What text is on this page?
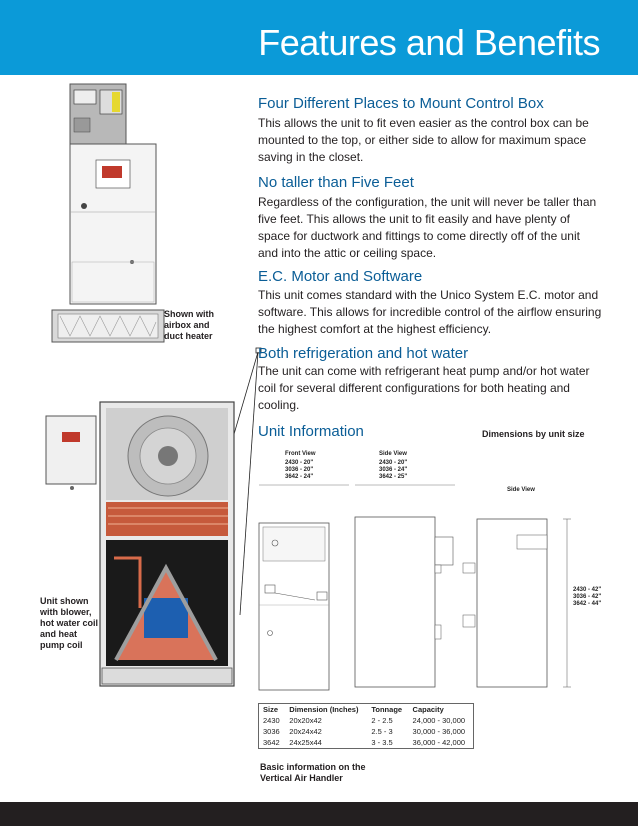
Features and Benefits
Shown with airbox and duct heater
Unit shown with blower, hot water coil and heat pump coil
Four Different Places to Mount Control Box
This allows the unit to fit even easier as the control box can be mounted to the top, or either side to allow for maximum space saving in the closet.
No taller than Five Feet
Regardless of the configuration, the unit will never be taller than five feet. This allows the unit to fit easily and have plenty of space for ductwork and fittings to come directly off of the unit and into the attic or ceiling space.
E.C. Motor and Software
This unit comes standard with the Unico System E.C. motor and software. This allows for incredible control of the airflow ensuring the highest comfort at the highest efficiency.
Both refrigeration and hot water
The unit can come with refrigerant heat pump and/or hot water coil for several different configurations for both heating and cooling.
Unit Information	Dimensions by unit size
Front View
2430 - 20"
3036 - 20"
3642 - 24"
Side View
2430 - 20"
3036 - 24"
3642 - 25"
Side View
2430 - 42"
3036 - 42"
3642 - 44"
Size	Dimension (Inches)	Tonnage	Capacity
2430	20x20x42	2 - 2.5	24,000 - 30,000
3036	20x24x42	2.5 - 3	30,000 - 36,000
3642	24x25x44	3 - 3.5	36,000 - 42,000
Basic information on the Vertical Air Handler
